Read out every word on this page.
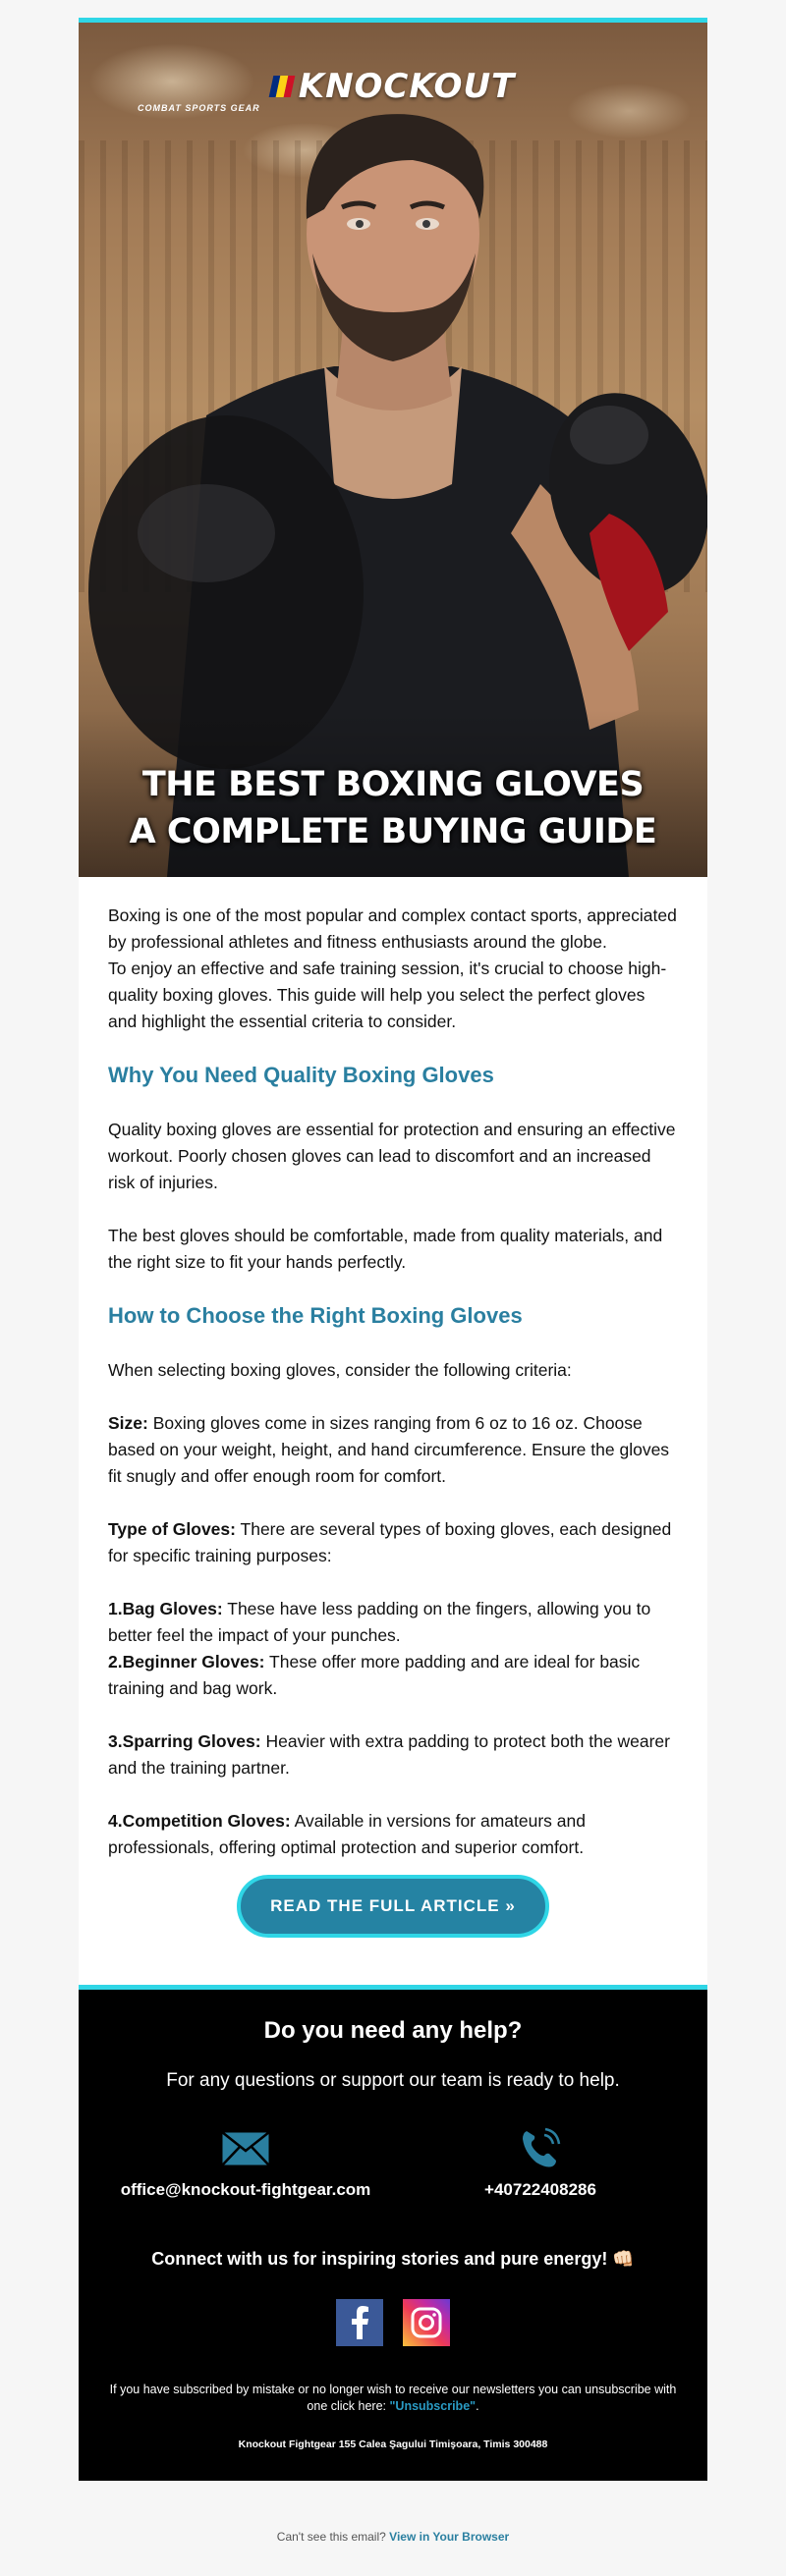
KNOCKOUT
COMBAT SPORTS GEAR
THE BEST BOXING GLOVES
A COMPLETE BUYING GUIDE

Boxing is one of the most popular and complex contact sports, appreciated by professional athletes and fitness enthusiasts around the globe.

To enjoy an effective and safe training session, it's crucial to choose high-quality boxing gloves. This guide will help you select the perfect gloves and highlight the essential criteria to consider.

Why You Need Quality Boxing Gloves

Quality boxing gloves are essential for protection and ensuring an effective workout. Poorly chosen gloves can lead to discomfort and an increased risk of injuries.

The best gloves should be comfortable, made from quality materials, and the right size to fit your hands perfectly.

How to Choose the Right Boxing Gloves

When selecting boxing gloves, consider the following criteria:

Size: Boxing gloves come in sizes ranging from 6 oz to 16 oz. Choose based on your weight, height, and hand circumference. Ensure the gloves fit snugly and offer enough room for comfort.

Type of Gloves: There are several types of boxing gloves, each designed for specific training purposes:

1.Bag Gloves: These have less padding on the fingers, allowing you to better feel the impact of your punches.

2.Beginner Gloves: These offer more padding and are ideal for basic training and bag work.

3.Sparring Gloves: Heavier with extra padding to protect both the wearer and the training partner.

4.Competition Gloves: Available in versions for amateurs and professionals, offering optimal protection and superior comfort.

READ THE FULL ARTICLE »
Do you need any help?

For any questions or support our team is ready to help.

office@knockout-fightgear.com	+40722408286

Connect with us for inspiring stories and pure energy! 👊🏻

If you have subscribed by mistake or no longer wish to receive our newsletters you can unsubscribe with one click here: "Unsubscribe".

Knockout Fightgear 155 Calea Şagului Timişoara, Timis 300488

Can't see this email? View in Your Browser
